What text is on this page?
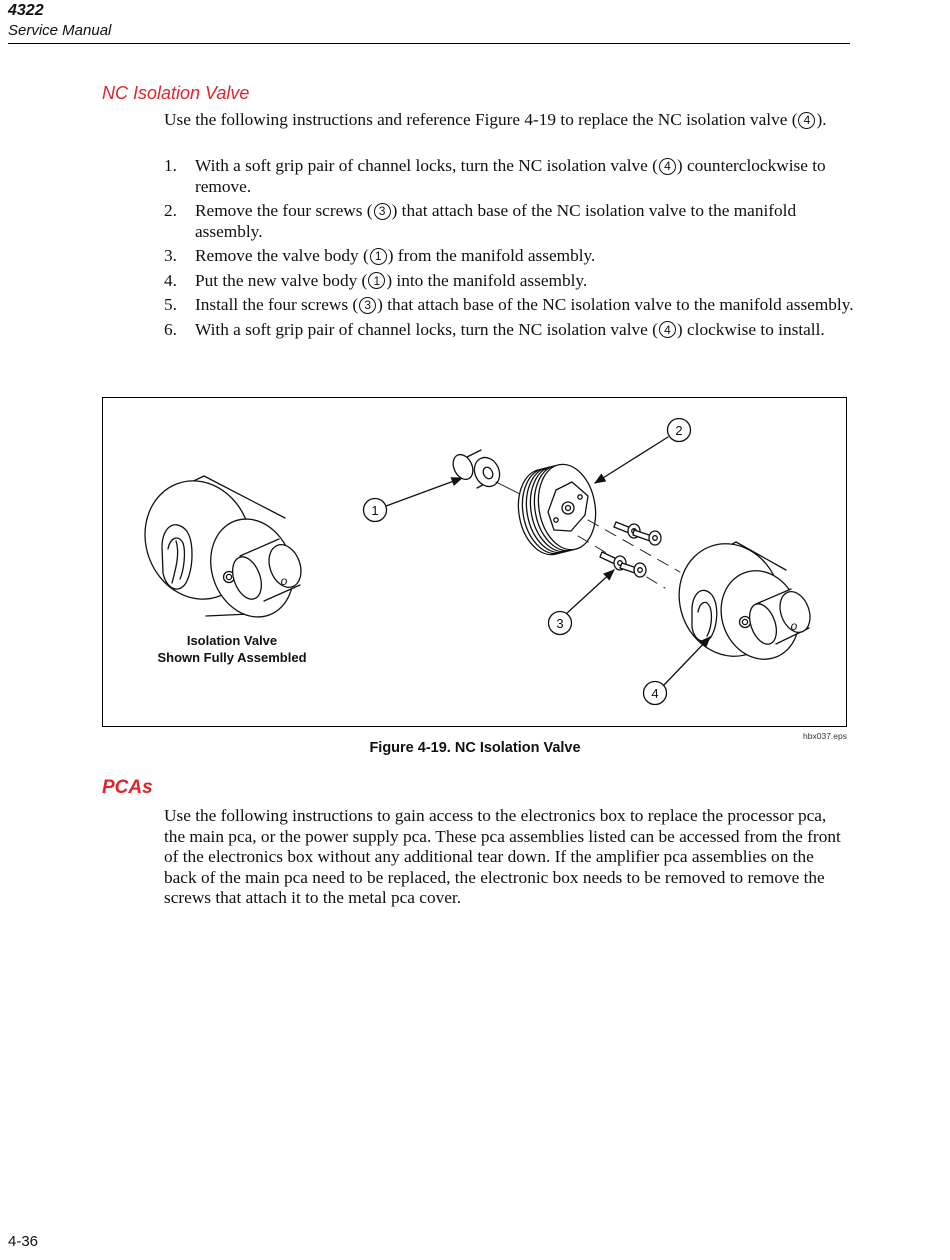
4322
Service Manual
NC Isolation Valve

Use the following instructions and reference Figure 4-19 to replace the NC isolation valve ( 4 ).

1. With a soft grip pair of channel locks, turn the NC isolation valve ( 4 ) counterclockwise to remove.
2. Remove the four screws ( 3 ) that attach base of the NC isolation valve to the manifold assembly.
3. Remove the valve body ( 1 ) from the manifold assembly.
4. Put the new valve body ( 1 ) into the manifold assembly.
5. Install the four screws ( 3 ) that attach base of the NC isolation valve to the manifold assembly.
6. With a soft grip pair of channel locks, turn the NC isolation valve ( 4 ) clockwise to install.
1
2
3
4
o
o
Isolation Valve
Shown Fully Assembled
hbx037.eps
Figure 4-19. NC Isolation Valve
PCAs

Use the following instructions to gain access to the electronics box to replace the processor pca, the main pca, or the power supply pca. These pca assemblies listed can be accessed from the front of the electronics box without any additional tear down. If the amplifier pca assemblies on the back of the main pca need to be replaced, the electronic box needs to be removed to remove the screws that attach it to the metal pca cover.

4-36
